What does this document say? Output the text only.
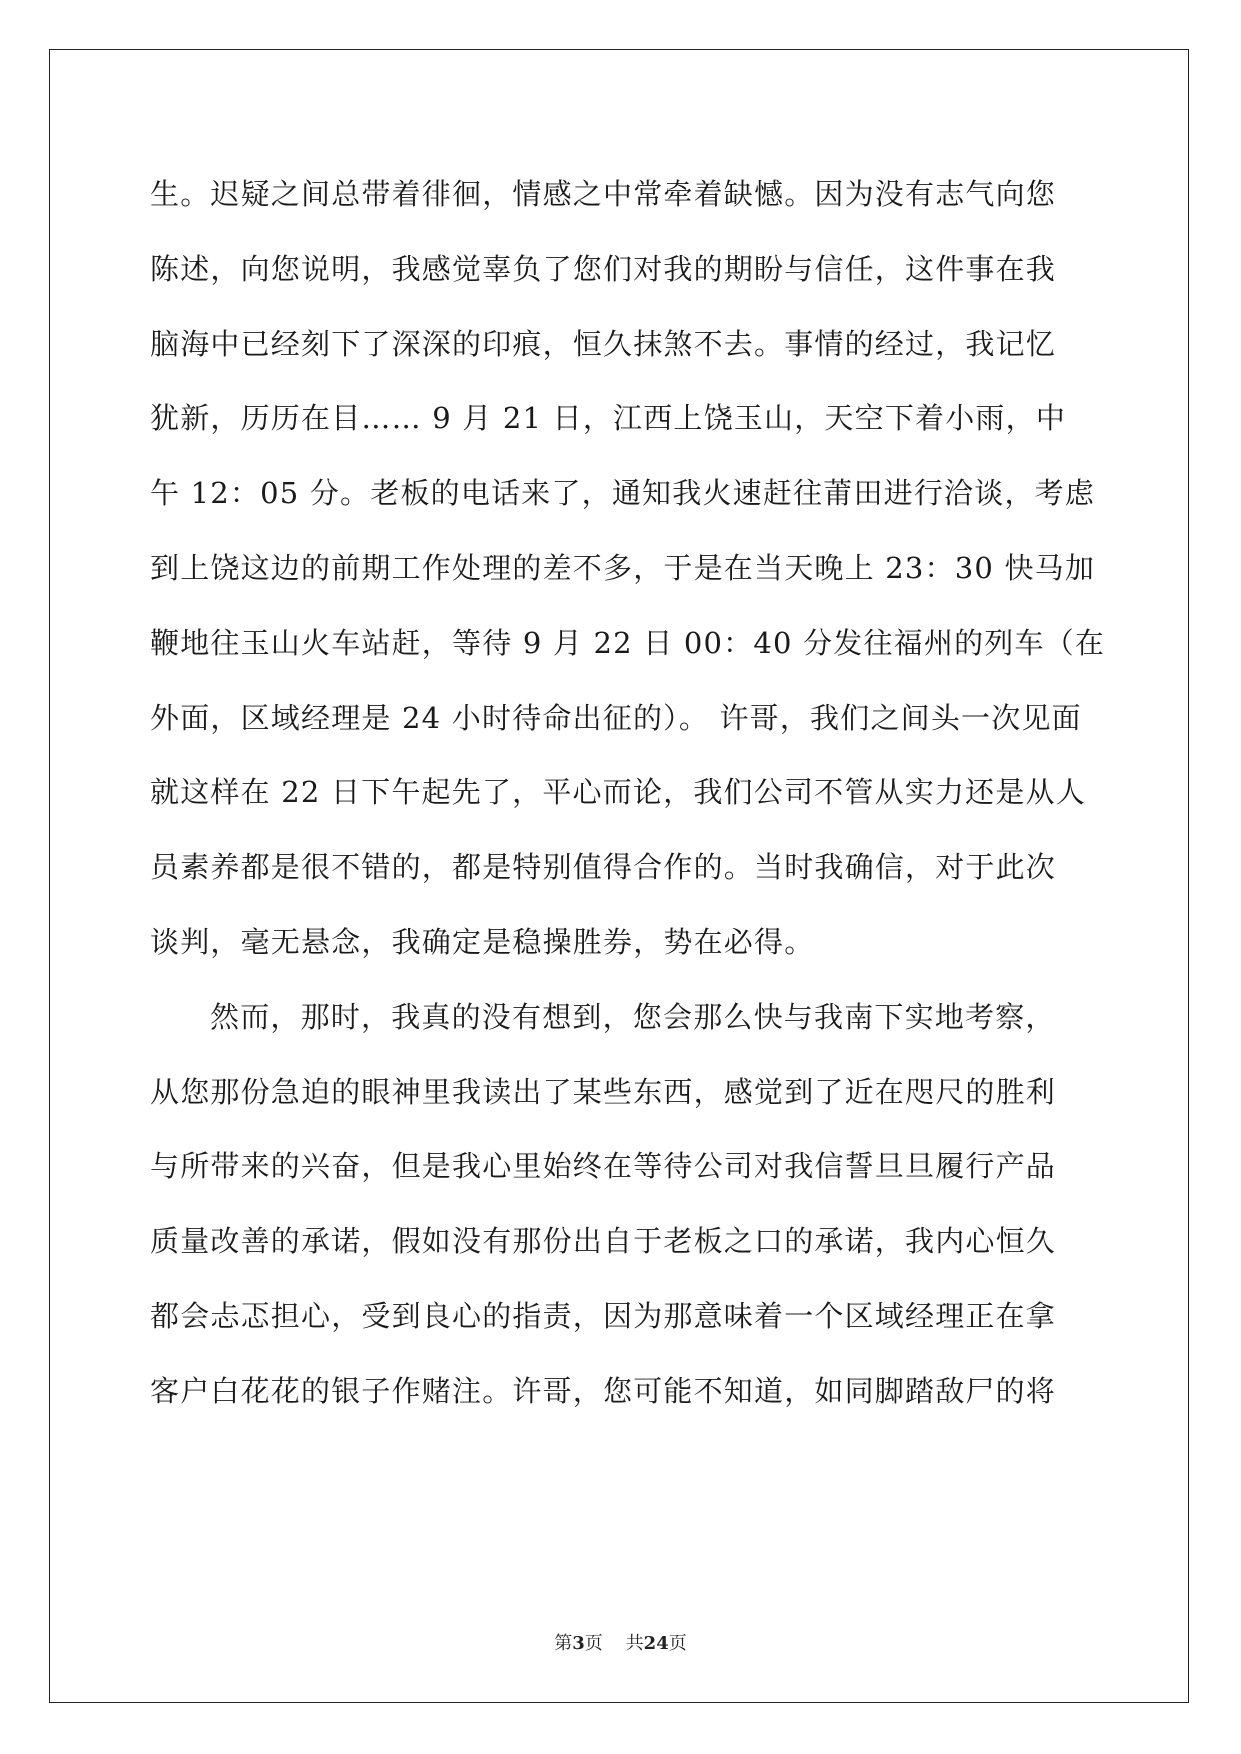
生。迟疑之间总带着徘徊，情感之中常牵着缺憾。因为没有志气向您
陈述，向您说明，我感觉辜负了您们对我的期盼与信任，这件事在我
脑海中已经刻下了深深的印痕，恒久抹煞不去。事情的经过，我记忆
犹新，历历在目…… 9 月 21 日，江西上饶玉山，天空下着小雨，中
午 12：05 分。老板的电话来了，通知我火速赶往莆田进行洽谈，考虑
到上饶这边的前期工作处理的差不多，于是在当天晚上 23：30 快马加
鞭地往玉山火车站赶，等待 9 月 22 日 00：40 分发往福州的列车（在
外面，区域经理是 24 小时待命出征的）。 许哥，我们之间头一次见面
就这样在 22 日下午起先了，平心而论，我们公司不管从实力还是从人
员素养都是很不错的，都是特别值得合作的。当时我确信，对于此次
谈判，毫无悬念，我确定是稳操胜券，势在必得。
然而，那时，我真的没有想到，您会那么快与我南下实地考察，
从您那份急迫的眼神里我读出了某些东西，感觉到了近在咫尺的胜利
与所带来的兴奋，但是我心里始终在等待公司对我信誓旦旦履行产品
质量改善的承诺，假如没有那份出自于老板之口的承诺，我内心恒久
都会忐忑担心，受到良心的指责，因为那意味着一个区域经理正在拿
客户白花花的银子作赌注。许哥，您可能不知道，如同脚踏敌尸的将
第3页 共24页
